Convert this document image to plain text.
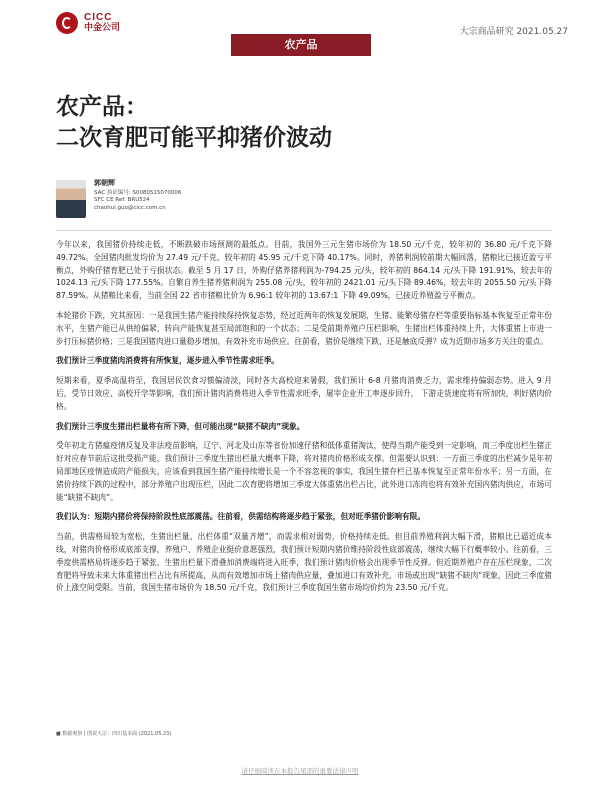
CICC
中金公司	大宗商品研究 2021.05.27
农产品
农产品：
二次育肥可能平抑猪价波动
郭朝辉
SAC 执证编号: S0080515070006
SFC CE Ref: BRU524
chaohui.guo@cicc.com.cn

今年以来，我国猪价持续走低，不断跌破市场预测的最低点。目前，我国外三元生猪市场价为 18.50 元/千克，较年初的 36.80 元/千克下降 49.72%。全国猪肉批发均价为 27.49 元/千克，较年初的 45.95 元/千克下降 40.17%。同时，养猪利润较前期大幅回落，猪粮比已接近盈亏平衡点，外购仔猪育肥已处于亏损状态。截至 5 月 17 日，外购仔猪养猪利润为-794.25 元/头，较年初的 864.14 元/头下降 191.91%，较去年的 1024.13 元/头下降 177.55%。自繁自养生猪养猪利润为 255.08 元/头，较年初的 2421.01 元/头下降 89.46%，较去年的 2055.50 元/头下降 87.59%。从猪粮比来看，当前全国 22 省市猪粮比价为 6.96:1 较年初的 13.67:1 下降 49.09%，已接近养殖盈亏平衡点。

本轮猪价下跌，究其原因：一是我国生猪产能持续保持恢复态势，经过近两年的恢复发展期，生猪、能繁母猪存栏等重要指标基本恢复至正常年份水平，生猪产能已从供给偏紧，转向产能恢复甚至局部饱和的一个状态；二是受前期养殖户压栏影响，生猪出栏体重持续上升，大体重猪上市进一步打压标猪价格；三是我国猪肉进口量稳步增加，有效补充市场供应。往前看，猪价是继续下跌、还是触底反弹？成为近期市场多方关注的重点。

我们预计三季度猪肉消费将有所恢复，逐步进入季节性需求旺季。

短期来看，夏季高温将至，我国居民饮食习惯偏清淡，同时各大高校迎来暑假，我们预计 6-8 月猪肉消费乏力，需求维持偏弱态势。进入 9 月后，受节日效应、高校开学等影响，我们预计猪肉消费将进入季节性需求旺季，屠宰企业开工率逐步回升， 下游走货速度将有所加快，利好猪肉价格。

我们预计三季度生猪出栏量将有所下降，但可能出现“缺猪不缺肉”现象。

受年初北方猪瘟疫情反复及非法疫苗影响，辽宁、河北及山东等省份加速仔猪和低体重猪淘汰，使得当期产能受到一定影响，而三季度出栏生猪正好对应春节前后这批受损产能，我们预计三季度生猪出栏量大概率下降，将对猪肉价格形成支撑。但需要认识到：一方面三季度的出栏减少是年初局部地区疫情造成的产能损失，应该看到我国生猪产能持续增长是一个不容忽视的事实，我国生猪存栏已基本恢复至正常年份水平；另一方面，在猪价持续下跌的过程中，部分养殖户出现压栏，因此二次育肥将增加三季度大体重猪出栏占比，此外进口冻肉也将有效补充国内猪肉供应，市场可能“缺猪不缺肉”。

我们认为：短期内猪价将保持阶段性底部震荡。往前看，供需结构将逐步趋于紧张，但对旺季猪价影响有限。

当前，供需格局较为宽松，生猪出栏量、出栏体重“双量齐增”，而需求相对弱势，价格持续走低。但目前养殖利润大幅下滑，猪粮比已逼近成本线，对猪肉价格形成底部支撑，养殖户、养殖企业挺价意愿强烈，我们预计短期内猪价维持阶段性底部震荡，继续大幅下行概率较小。往前看，三季度供需格局将逐步趋于紧张，生猪出栏量下滑叠加消费端将进入旺季，我们预计猪肉价格会出现季节性反弹。但近期养殖户存在压栏现象，二次育肥将导致未来大体重猪出栏占比有所提高，从而有效增加市场上猪肉供应量，叠加进口有效补充，市场或出现“缺猪不缺肉”现象，因此三季度猪价上涨空间受限。当前，我国生猪市场价为 18.50 元/千克，我们预计三季度我国生猪市场均价约为 23.50 元/千克。

■ 数据观察 | 图说大宗：四川基本面 (2021.05.23)
请仔细阅读在本报告尾部的重要法律声明
